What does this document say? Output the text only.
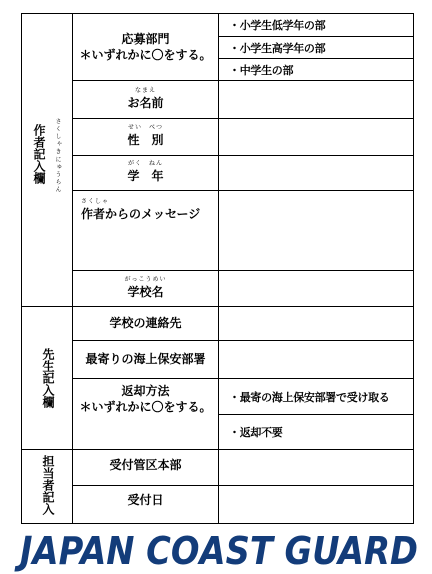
作者記入欄	さくしゃきにゅうらん
先生記入欄
担当者記入
応募部門
＊いずれかに〇をする。
・小学生低学年の部
・小学生高学年の部
・中学生の部
なまえ
お名前
せい　べつ
性　別
がく　ねん
学　年
さくしゃ
作者からのメッセージ
がっこうめい
学校名
学校の連絡先
最寄りの海上保安部署
返却方法
＊いずれかに〇をする。
・最寄の海上保安部署で受け取る
・返却不要
受付管区本部
受付日
JAPAN COAST GUARD
